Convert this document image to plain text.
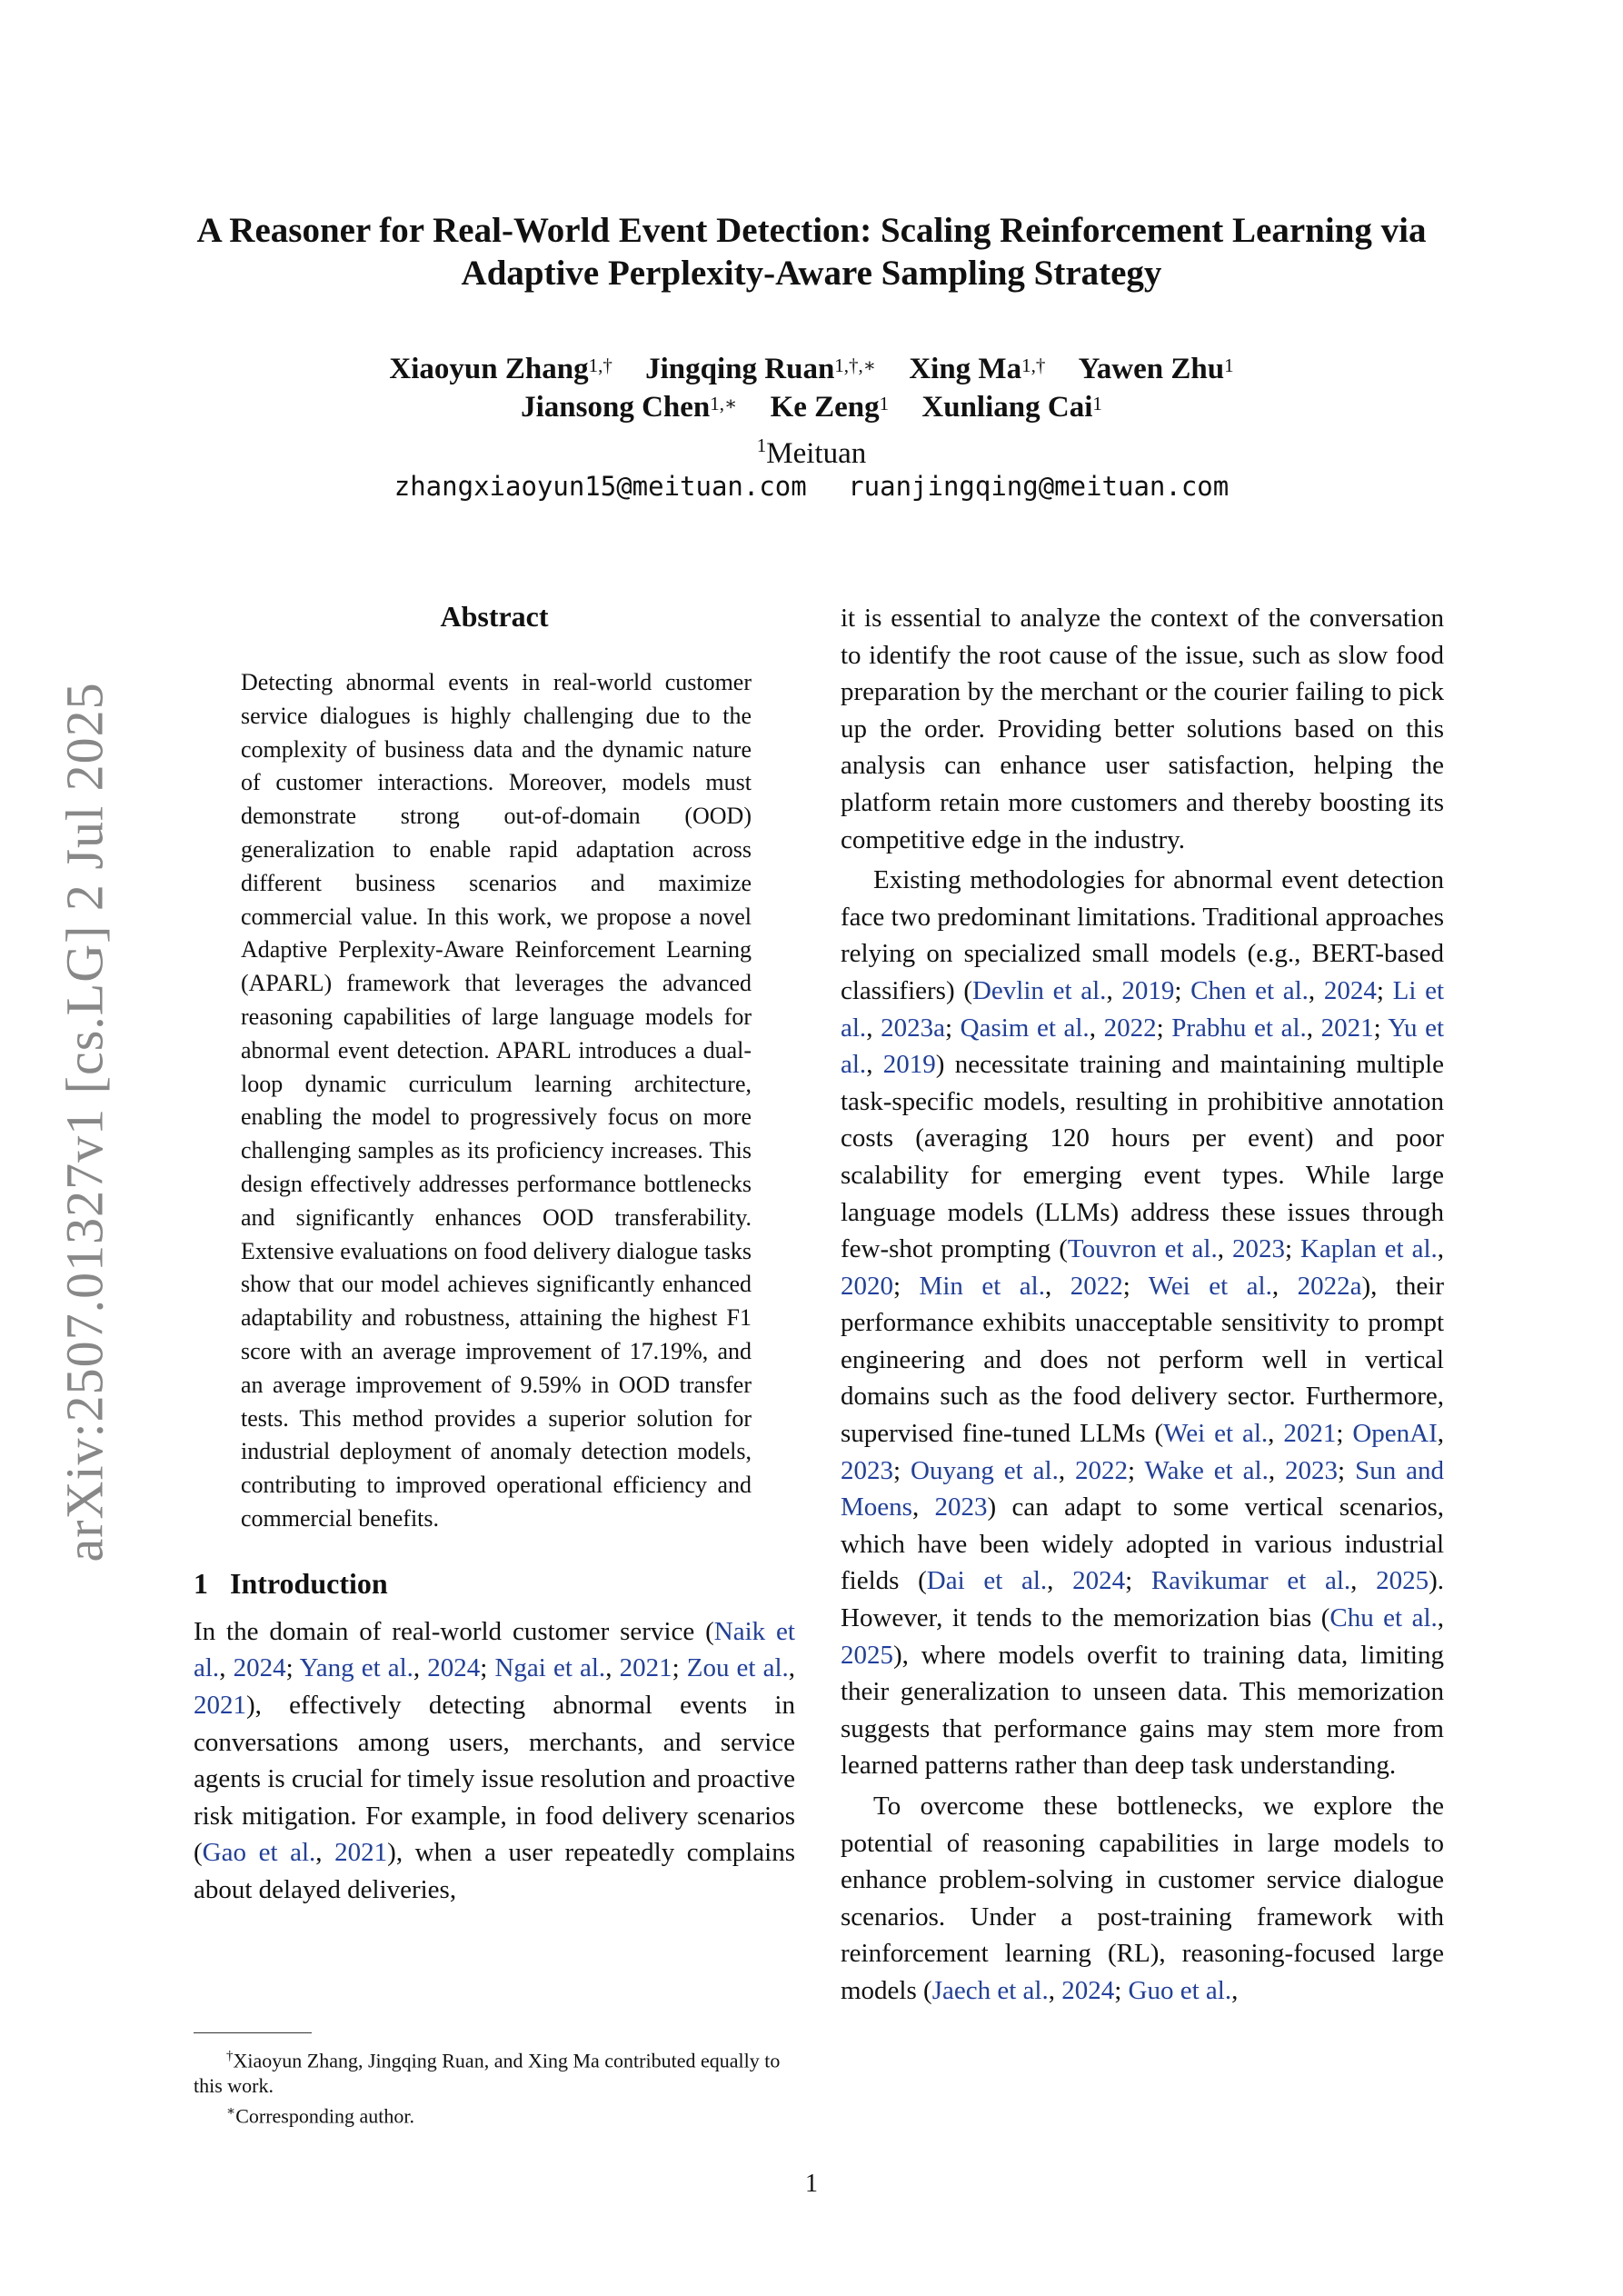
arXiv:2507.01327v1 [cs.LG] 2 Jul 2025
A Reasoner for Real-World Event Detection: Scaling Reinforcement Learning via Adaptive Perplexity-Aware Sampling Strategy
Xiaoyun Zhang$^{1,\dagger}$ Jingqing Ruan$^{1,\dagger,∗}$ Xing $Ma^{1,\dagger}$ Yawen Zhu$^1$
Jiansong Chen$^{1,∗}$ Ke Zeng$^1$ Xunliang Cai$^1$
$^1$Meituan
zhangxiaoyun15@meituan.com ruanjingqing@meituan.com
Abstract

Detecting abnormal events in real-world customer service dialogues is highly challenging due to the complexity of business data and the dynamic nature of customer interactions. Moreover, models must demonstrate strong out-of-domain (OOD) generalization to enable rapid adaptation across different business scenarios and maximize commercial value. In this work, we propose a novel Adaptive Perplexity-Aware Reinforcement Learning (APARL) framework that leverages the advanced reasoning capabilities of large language models for abnormal event detection. APARL introduces a dual-loop dynamic curriculum learning architecture, enabling the model to progressively focus on more challenging samples as its proficiency increases. This design effectively addresses performance bottlenecks and significantly enhances OOD transferability. Extensive evaluations on food delivery dialogue tasks show that our model achieves significantly enhanced adaptability and robustness, attaining the highest F1 score with an average improvement of 17.19%, and an average improvement of 9.59% in OOD transfer tests. This method provides a superior solution for industrial deployment of anomaly detection models, contributing to improved operational efficiency and commercial benefits.

1 Introduction

In the domain of real-world customer service (Naik et al., 2024; Yang et al., 2024; Ngai et al., 2021; Zou et al., 2021), effectively detecting abnormal events in conversations among users, merchants, and service agents is crucial for timely issue resolution and proactive risk mitigation. For example, in food delivery scenarios (Gao et al., 2021), when a user repeatedly complains about delayed deliveries,

it is essential to analyze the context of the conversation to identify the root cause of the issue, such as slow food preparation by the merchant or the courier failing to pick up the order. Providing better solutions based on this analysis can enhance user satisfaction, helping the platform retain more customers and thereby boosting its competitive edge in the industry.

Existing methodologies for abnormal event detection face two predominant limitations. Traditional approaches relying on specialized small models (e.g., BERT-based classifiers) (Devlin et al., 2019; Chen et al., 2024; Li et al., 2023a; Qasim et al., 2022; Prabhu et al., 2021; Yu et al., 2019) necessitate training and maintaining multiple task-specific models, resulting in prohibitive annotation costs (averaging 120 hours per event) and poor scalability for emerging event types. While large language models (LLMs) address these issues through few-shot prompting (Touvron et al., 2023; Kaplan et al., 2020; Min et al., 2022; Wei et al., 2022a), their performance exhibits unacceptable sensitivity to prompt engineering and does not perform well in vertical domains such as the food delivery sector. Furthermore, supervised fine-tuned LLMs (Wei et al., 2021; OpenAI, 2023; Ouyang et al., 2022; Wake et al., 2023; Sun and Moens, 2023) can adapt to some vertical scenarios, which have been widely adopted in various industrial fields (Dai et al., 2024; Ravikumar et al., 2025). However, it tends to the memorization bias (Chu et al., 2025), where models overfit to training data, limiting their generalization to unseen data. This memorization suggests that performance gains may stem more from learned patterns rather than deep task understanding.

To overcome these bottlenecks, we explore the potential of reasoning capabilities in large models to enhance problem-solving in customer service dialogue scenarios. Under a post-training framework with reinforcement learning (RL), reasoning-focused large models (Jaech et al., 2024; Guo et al.,

†Xiaoyun Zhang, Jingqing Ruan, and Xing Ma contributed equally to this work.

∗Corresponding author.

1
